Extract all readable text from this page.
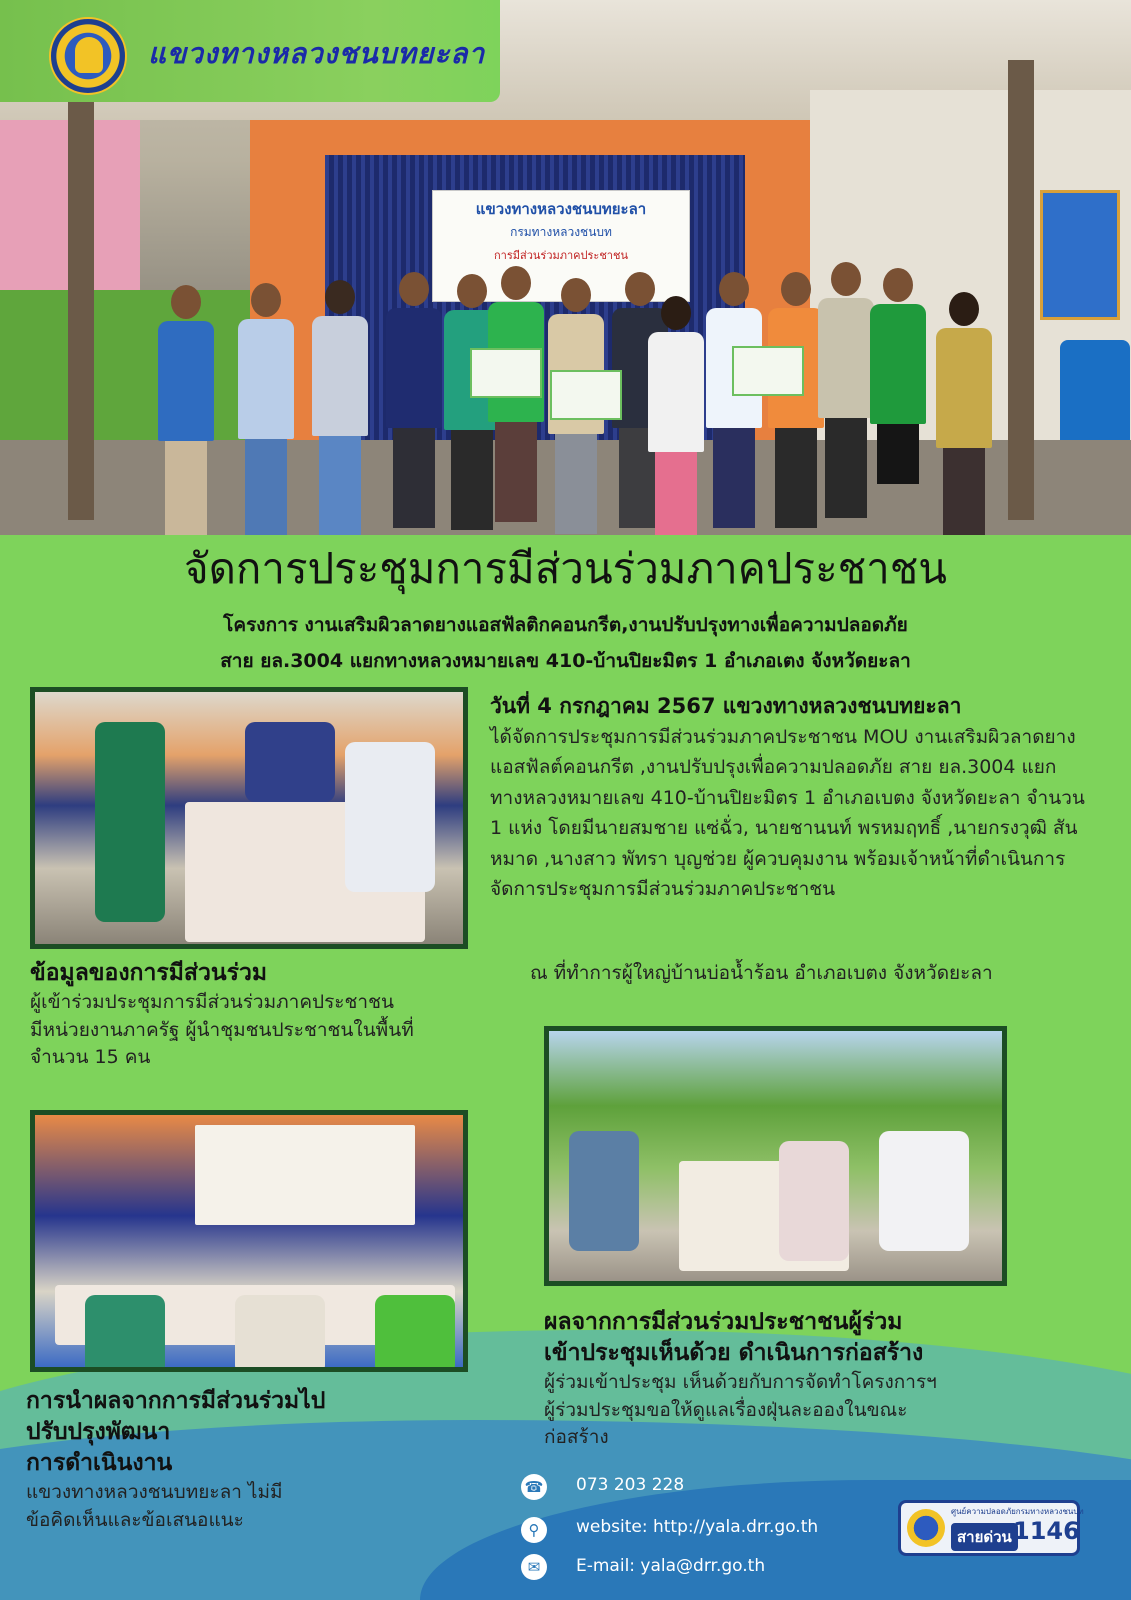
แขวงทางหลวงชนบทยะลา
กรมทางหลวงชนบท
การมีส่วนร่วมภาคประชาชน
แขวงทางหลวงชนบทยะลา
จัดการประชุมการมีส่วนร่วมภาคประชาชน
โครงการ งานเสริมผิวลาดยางแอสฟัลติกคอนกรีต,งานปรับปรุงทางเพื่อความปลอดภัย
สาย ยล.3004 แยกทางหลวงหมายเลข 410-บ้านปิยะมิตร 1 อำเภอเตง จังหวัดยะลา
วันที่ 4 กรกฎาคม 2567 แขวงทางหลวงชนบทยะลา
ได้จัดการประชุมการมีส่วนร่วมภาคประชาชน MOU งานเสริมผิวลาดยางแอสฟัลต์คอนกรีต ,งานปรับปรุงเพื่อความปลอดภัย สาย ยล.3004 แยกทางหลวงหมายเลข 410-บ้านปิยะมิตร 1 อำเภอเบตง จังหวัดยะลา จำนวน 1 แห่ง โดยมีนายสมชาย แซ่ฉั่ว, นายชานนท์ พรหมฤทธิ์ ,นายกรงวุฒิ สันหมาด ,นางสาว พัทรา บุญช่วย ผู้ควบคุมงาน พร้อมเจ้าหน้าที่ดำเนินการจัดการประชุมการมีส่วนร่วมภาคประชาชน
ณ ที่ทำการผู้ใหญ่บ้านบ่อน้ำร้อน อำเภอเบตง จังหวัดยะลา
ข้อมูลของการมีส่วนร่วม
ผู้เข้าร่วมประชุมการมีส่วนร่วมภาคประชาชน
มีหน่วยงานภาครัฐ ผู้นำชุมชนประชาชนในพื้นที่
จำนวน 15 คน
ผลจากการมีส่วนร่วมประชาชนผู้ร่วม
เข้าประชุมเห็นด้วย ดำเนินการก่อสร้าง
ผู้ร่วมเข้าประชุม เห็นด้วยกับการจัดทำโครงการฯ
ผู้ร่วมประชุมขอให้ดูแลเรื่องฝุ่นละอองในขณะ
ก่อสร้าง
การนำผลจากการมีส่วนร่วมไป
ปรับปรุงพัฒนา
การดำเนินงาน
แขวงทางหลวงชนบทยะลา ไม่มี
ข้อคิดเห็นและข้อเสนอแนะ
☎ 073 203 228
⚲	website: http://yala.drr.go.th
✉	E-mail: yala@drr.go.th
ศูนย์ความปลอดภัยกรมทางหลวงชนบท
สายด่วน 1146
